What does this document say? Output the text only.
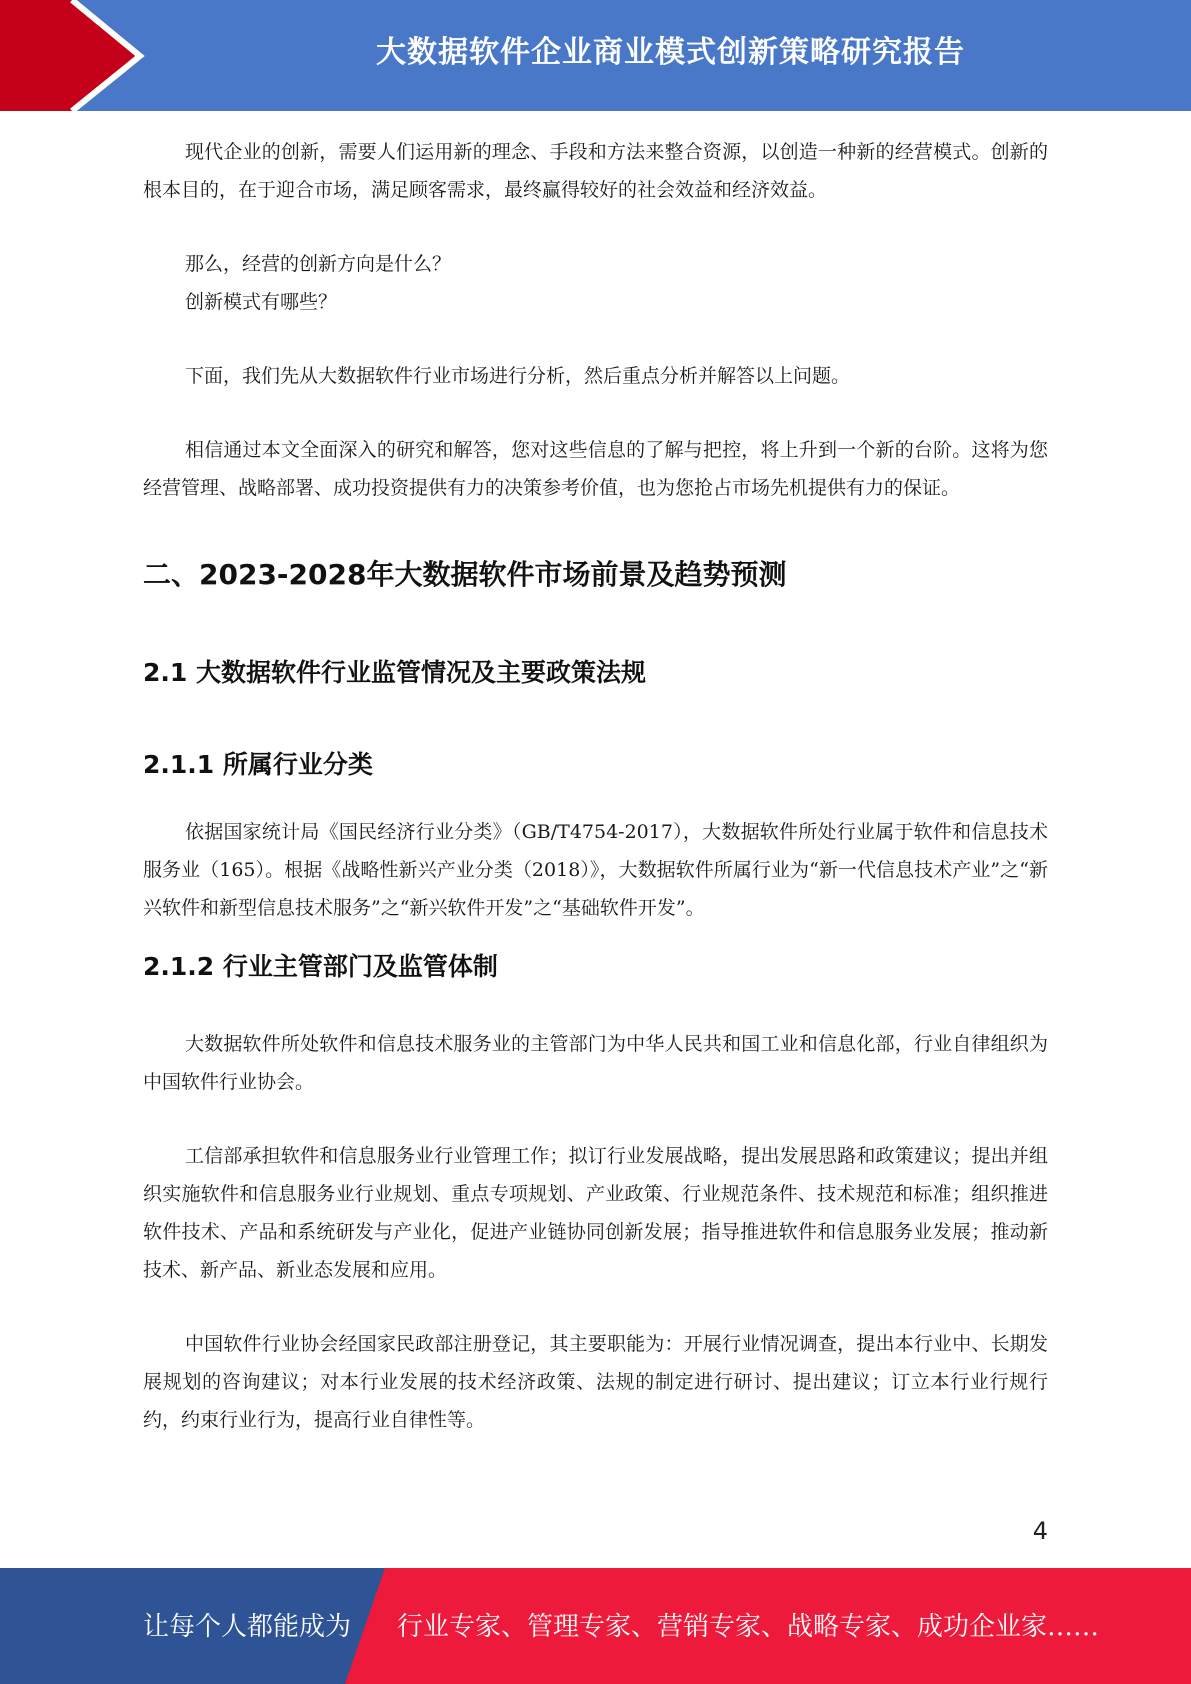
大数据软件企业商业模式创新策略研究报告

现代企业的创新，需要人们运用新的理念、手段和方法来整合资源，以创造一种新的经营模式。创新的根本目的，在于迎合市场，满足顾客需求，最终赢得较好的社会效益和经济效益。

那么，经营的创新方向是什么？

创新模式有哪些？

下面，我们先从大数据软件行业市场进行分析，然后重点分析并解答以上问题。

相信通过本文全面深入的研究和解答，您对这些信息的了解与把控，将上升到一个新的台阶。这将为您经营管理、战略部署、成功投资提供有力的决策参考价值，也为您抢占市场先机提供有力的保证。

二、2023-2028年大数据软件市场前景及趋势预测
2.1 大数据软件行业监管情况及主要政策法规
2.1.1 所属行业分类

依据国家统计局《国民经济行业分类》（GB/T4754-2017），大数据软件所处行业属于软件和信息技术服务业（165）。根据《战略性新兴产业分类（2018）》，大数据软件所属行业为“新一代信息技术产业”之“新兴软件和新型信息技术服务”之“新兴软件开发”之“基础软件开发”。

2.1.2 行业主管部门及监管体制

大数据软件所处软件和信息技术服务业的主管部门为中华人民共和国工业和信息化部，行业自律组织为中国软件行业协会。

工信部承担软件和信息服务业行业管理工作；拟订行业发展战略，提出发展思路和政策建议；提出并组织实施软件和信息服务业行业规划、重点专项规划、产业政策、行业规范条件、技术规范和标准；组织推进软件技术、产品和系统研发与产业化，促进产业链协同创新发展；指导推进软件和信息服务业发展；推动新技术、新产品、新业态发展和应用。

中国软件行业协会经国家民政部注册登记，其主要职能为：开展行业情况调查，提出本行业中、长期发展规划的咨询建议；对本行业发展的技术经济政策、法规的制定进行研讨、提出建议；订立本行业行规行约，约束行业行为，提高行业自律性等。

4
让每个人都能成为 行业专家、管理专家、营销专家、战略专家、成功企业家……
